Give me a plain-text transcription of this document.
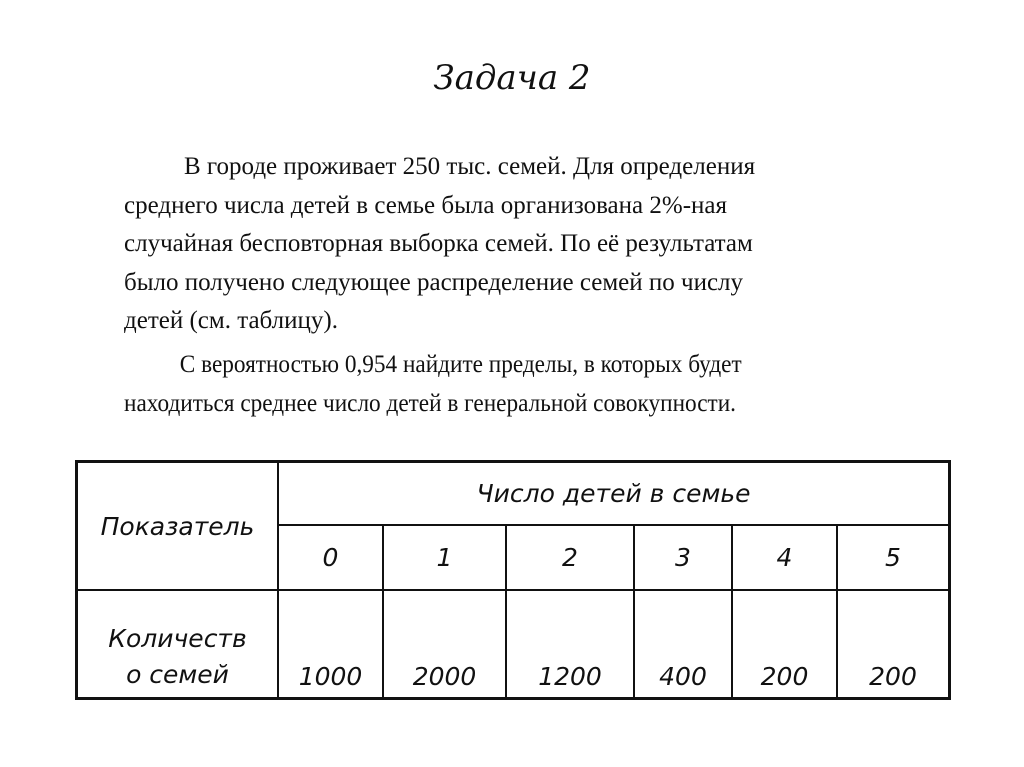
Задача 2
В городе проживает 250 тыс. семей. Для определения
среднего числа детей в семье была организована 2%-ная
случайная бесповторная выборка семей. По её результатам
было получено следующее распределение семей по числу
детей (см. таблицу).
С вероятностью 0,954 найдите пределы, в которых будет
находиться среднее число детей в генеральной совокупности.
Показатель
Число детей в семье
0	1	2	3	4	5
Количеств
о семей	1000	2000	1200	400	200	200
